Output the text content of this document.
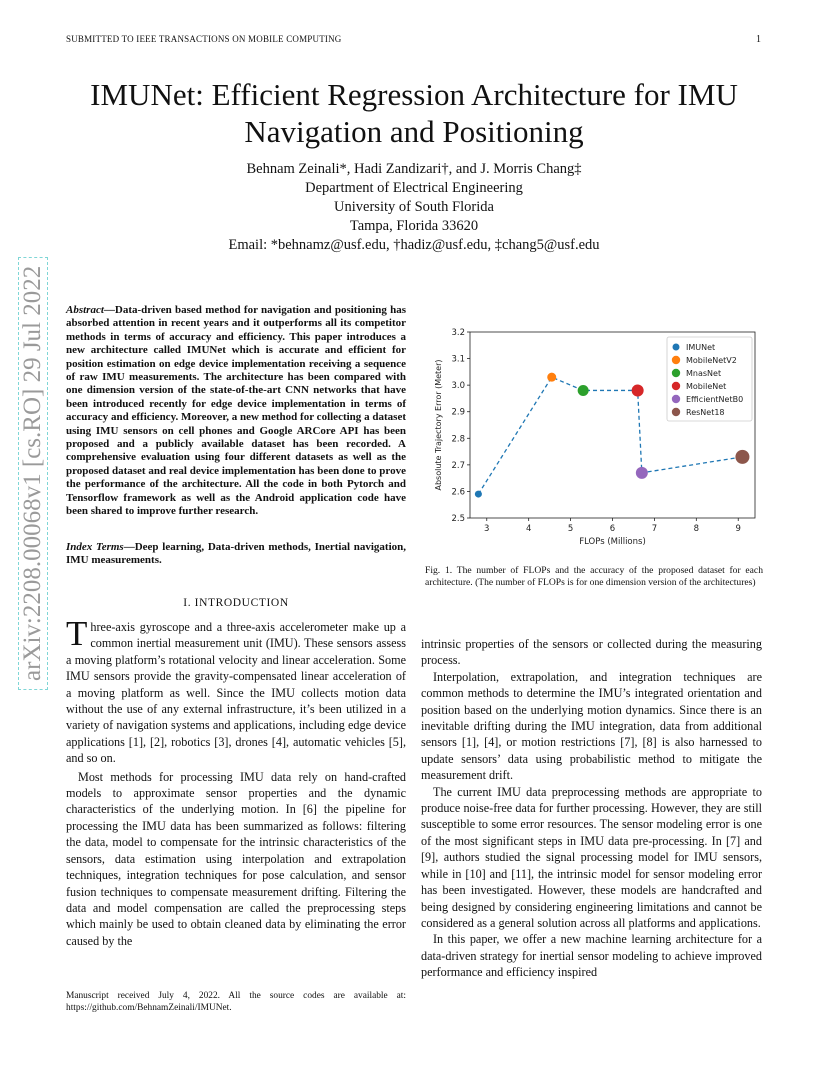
SUBMITTED TO IEEE TRANSACTIONS ON MOBILE COMPUTING	1
IMUNet: Efficient Regression Architecture for IMU
Navigation and Positioning
Behnam Zeinali*, Hadi Zandizari†, and J. Morris Chang‡
Department of Electrical Engineering
University of South Florida
Tampa, Florida 33620
Email: *behnamz@usf.edu, †hadiz@usf.edu, ‡chang5@usf.edu
arXiv:2208.00068v1 [cs.RO] 29 Jul 2022 Abstract—Data-driven based method for navigation and positioning has absorbed attention in recent years and it outperforms all its competitor methods in terms of accuracy and efficiency. This paper introduces a new architecture called IMUNet which is accurate and efficient for position estimation on edge device implementation receiving a sequence of raw IMU measurements. The architecture has been compared with one dimension version of the state-of-the-art CNN networks that have been introduced recently for edge device implementation in terms of accuracy and efficiency. Moreover, a new method for collecting a dataset using IMU sensors on cell phones and Google ARCore API has been proposed and a publicly available dataset has been recorded. A comprehensive evaluation using four different datasets as well as the proposed dataset and real device implementation has been done to prove the performance of the architecture. All the code in both Pytorch and Tensorflow framework as well as the Android application code have been shared to improve further research.
Index Terms—Deep learning, Data-driven methods, Inertial navigation, IMU measurements.
I. INTRODUCTION
Three-axis gyroscope and a three-axis accelerometer make up a common inertial measurement unit (IMU). These sensors assess a moving platform’s rotational velocity and linear acceleration. Some IMU sensors provide the gravity-compensated linear acceleration of a moving platform as well. Since the IMU collects motion data without the use of any external infrastructure, it’s been utilized in a variety of navigation systems and applications, including edge device applications [1], [2], robotics [3], drones [4], automatic vehicles [5], and so on.
Most methods for processing IMU data rely on hand-crafted models to approximate sensor properties and the dynamic characteristics of the underlying motion. In [6] the pipeline for processing the IMU data has been summarized as follows: filtering the data, model to compensate for the intrinsic characteristics of the sensors, data estimation using interpolation and extrapolation techniques, integration techniques for pose calculation, and sensor fusion techniques to compensate measurement drifting. Filtering the data and model compensation are called the preprocessing steps which mainly be used to obtain cleaned data by eliminating the error caused by the
Manuscript received July 4, 2022. All the source codes are available at: https://github.com/BehnamZeinali/IMUNet.
3	4	5	6	7	8	9
2.5
2.6
2.7
2.8
2.9
3.0
3.1
3.2
FLOPs (Millions)
Absolute Trajectory Error (Meter)
IMUNet
MobileNetV2
MnasNet
MobileNet
EfficientNetB0
ResNet18
Fig. 1. The number of FLOPs and the accuracy of the proposed dataset for each architecture. (The number of FLOPs is for one dimension version of the architectures)

intrinsic properties of the sensors or collected during the measuring process.

Interpolation, extrapolation, and integration techniques are common methods to determine the IMU’s integrated orientation and position based on the underlying motion dynamics. Since there is an inevitable drifting during the IMU integration, data from additional sensors [1], [4], or motion restrictions [7], [8] is also harnessed to update sensors’ data using probabilistic method to mitigate the measurement drift.

The current IMU data preprocessing methods are appropriate to produce noise-free data for further processing. However, they are still susceptible to some error resources. The sensor modeling error is one of the most significant steps in IMU data pre-processing. In [7] and [9], authors studied the signal processing model for IMU sensors, while in [10] and [11], the intrinsic model for sensor modeling error has been investigated. However, these models are handcrafted and being designed by considering engineering limitations and cannot be considered as a general solution across all platforms and applications.

In this paper, we offer a new machine learning architecture for a data-driven strategy for inertial sensor modeling to achieve improved performance and efficiency inspired
